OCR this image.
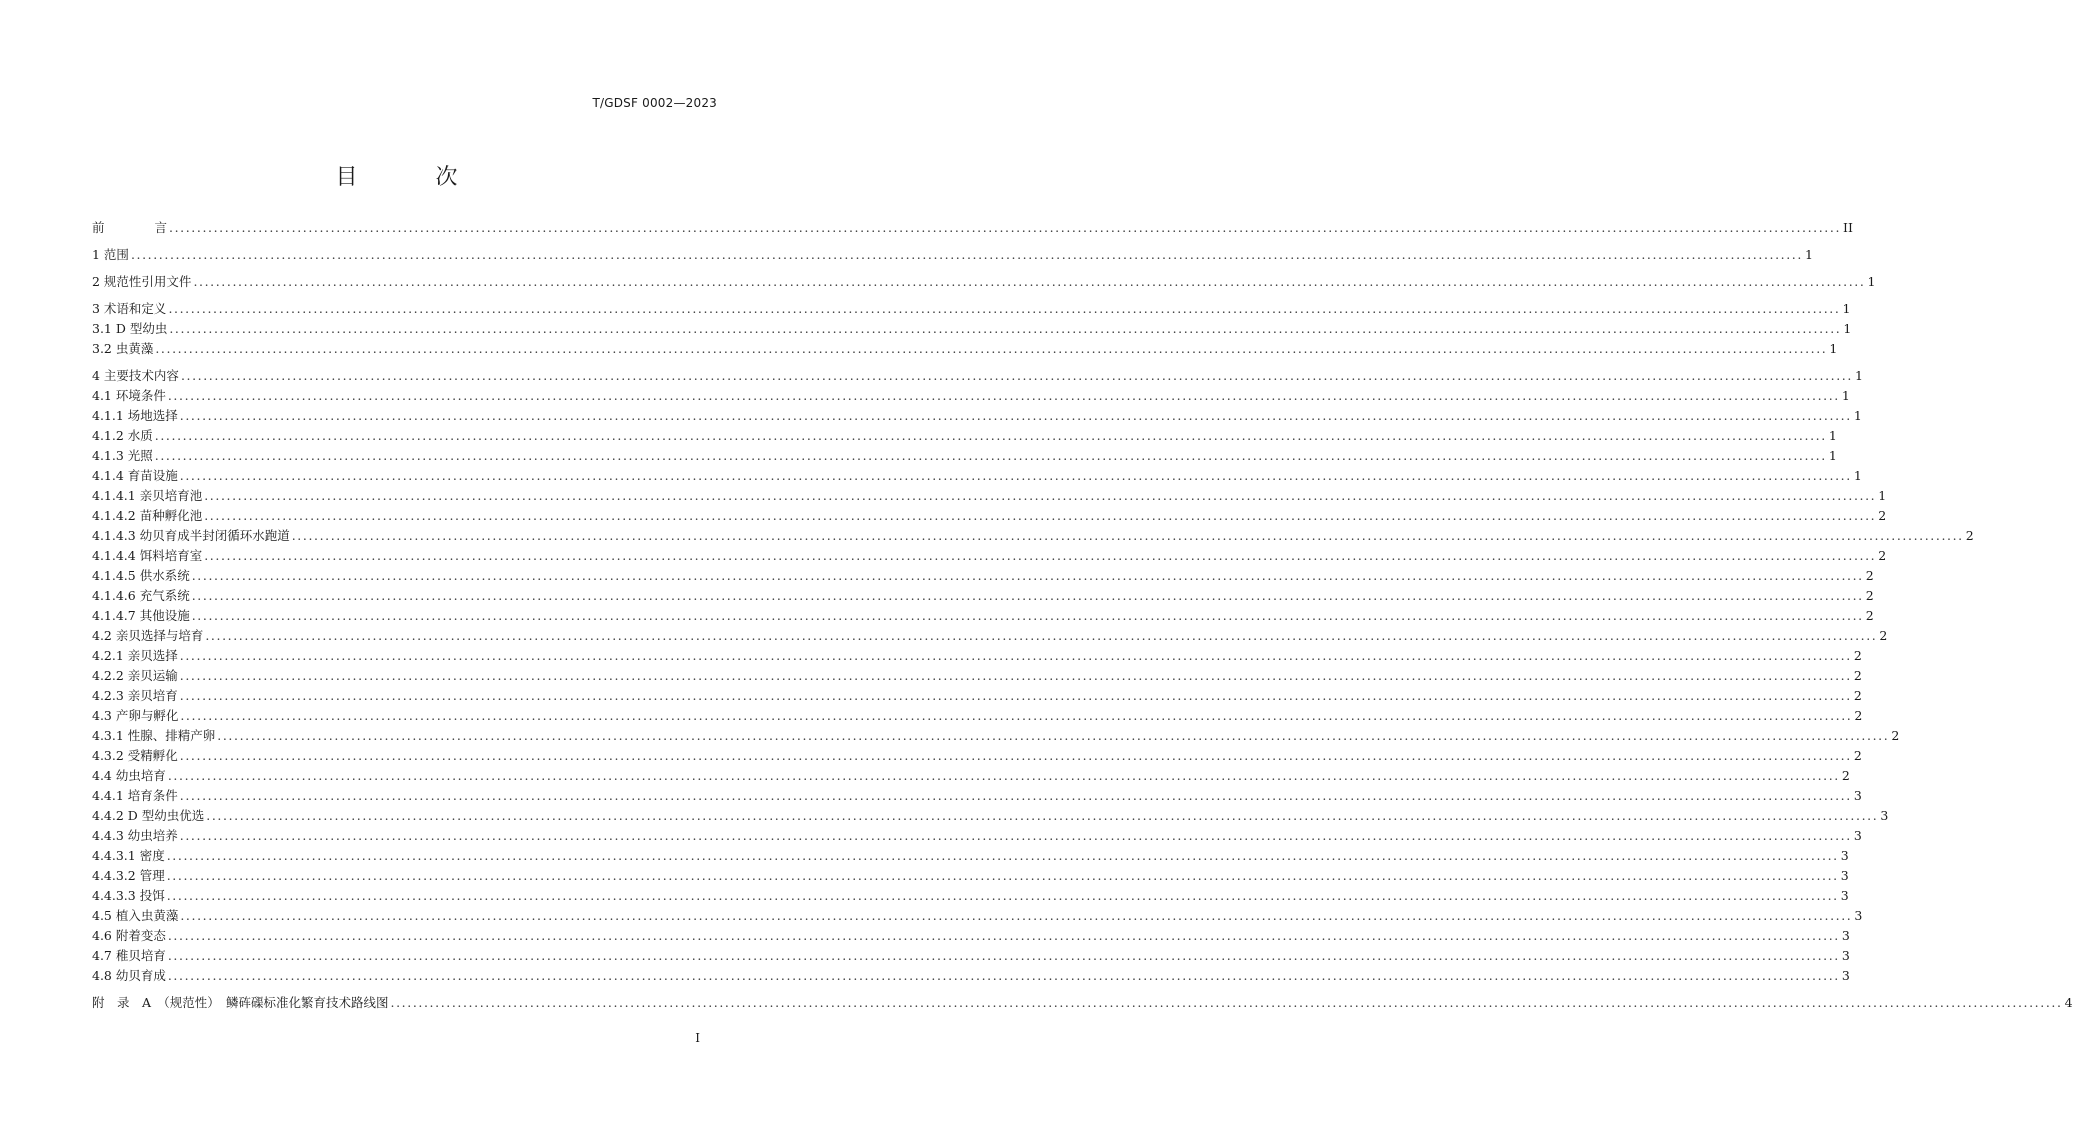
T/GDSF 0002—2023
目　次
前　　　　言 ............................................................................................................................................................................................................................................................................................................ II
1 范围 ............................................................................................................................................................................................................................................................................................................ 1
2 规范性引用文件 ............................................................................................................................................................................................................................................................................................................ 1
3 术语和定义 ............................................................................................................................................................................................................................................................................................................ 1
3.1 D 型幼虫 ............................................................................................................................................................................................................................................................................................................ 1
3.2 虫黄藻 ............................................................................................................................................................................................................................................................................................................ 1
4 主要技术内容 ............................................................................................................................................................................................................................................................................................................ 1
4.1 环境条件 ............................................................................................................................................................................................................................................................................................................ 1
4.1.1 场地选择 ............................................................................................................................................................................................................................................................................................................ 1
4.1.2 水质 ............................................................................................................................................................................................................................................................................................................ 1
4.1.3 光照 ............................................................................................................................................................................................................................................................................................................ 1
4.1.4 育苗设施 ............................................................................................................................................................................................................................................................................................................ 1
4.1.4.1 亲贝培育池 ............................................................................................................................................................................................................................................................................................................ 1
4.1.4.2 苗种孵化池 ............................................................................................................................................................................................................................................................................................................ 2
4.1.4.3 幼贝育成半封闭循环水跑道 ............................................................................................................................................................................................................................................................................................................ 2
4.1.4.4 饵料培育室 ............................................................................................................................................................................................................................................................................................................ 2
4.1.4.5 供水系统 ............................................................................................................................................................................................................................................................................................................ 2
4.1.4.6 充气系统 ............................................................................................................................................................................................................................................................................................................ 2
4.1.4.7 其他设施 ............................................................................................................................................................................................................................................................................................................ 2
4.2 亲贝选择与培育 ............................................................................................................................................................................................................................................................................................................ 2
4.2.1 亲贝选择 ............................................................................................................................................................................................................................................................................................................ 2
4.2.2 亲贝运输 ............................................................................................................................................................................................................................................................................................................ 2
4.2.3 亲贝培育 ............................................................................................................................................................................................................................................................................................................ 2
4.3 产卵与孵化 ............................................................................................................................................................................................................................................................................................................ 2
4.3.1 性腺、排精产卵 ............................................................................................................................................................................................................................................................................................................ 2
4.3.2 受精孵化 ............................................................................................................................................................................................................................................................................................................ 2
4.4 幼虫培育 ............................................................................................................................................................................................................................................................................................................ 2
4.4.1 培育条件 ............................................................................................................................................................................................................................................................................................................ 3
4.4.2 D 型幼虫优选 ............................................................................................................................................................................................................................................................................................................ 3
4.4.3 幼虫培养 ............................................................................................................................................................................................................................................................................................................ 3
4.4.3.1 密度 ............................................................................................................................................................................................................................................................................................................ 3
4.4.3.2 管理 ............................................................................................................................................................................................................................................................................................................ 3
4.4.3.3 投饵 ............................................................................................................................................................................................................................................................................................................ 3
4.5 植入虫黄藻 ............................................................................................................................................................................................................................................................................................................ 3
4.6 附着变态 ............................................................................................................................................................................................................................................................................................................ 3
4.7 稚贝培育 ............................................................................................................................................................................................................................................................................................................ 3
4.8 幼贝育成 ............................................................................................................................................................................................................................................................................................................ 3
附　录　A　（规范性）　鳞砗磲标准化繁育技术路线图 ............................................................................................................................................................................................................................................................................................................ 4
I
